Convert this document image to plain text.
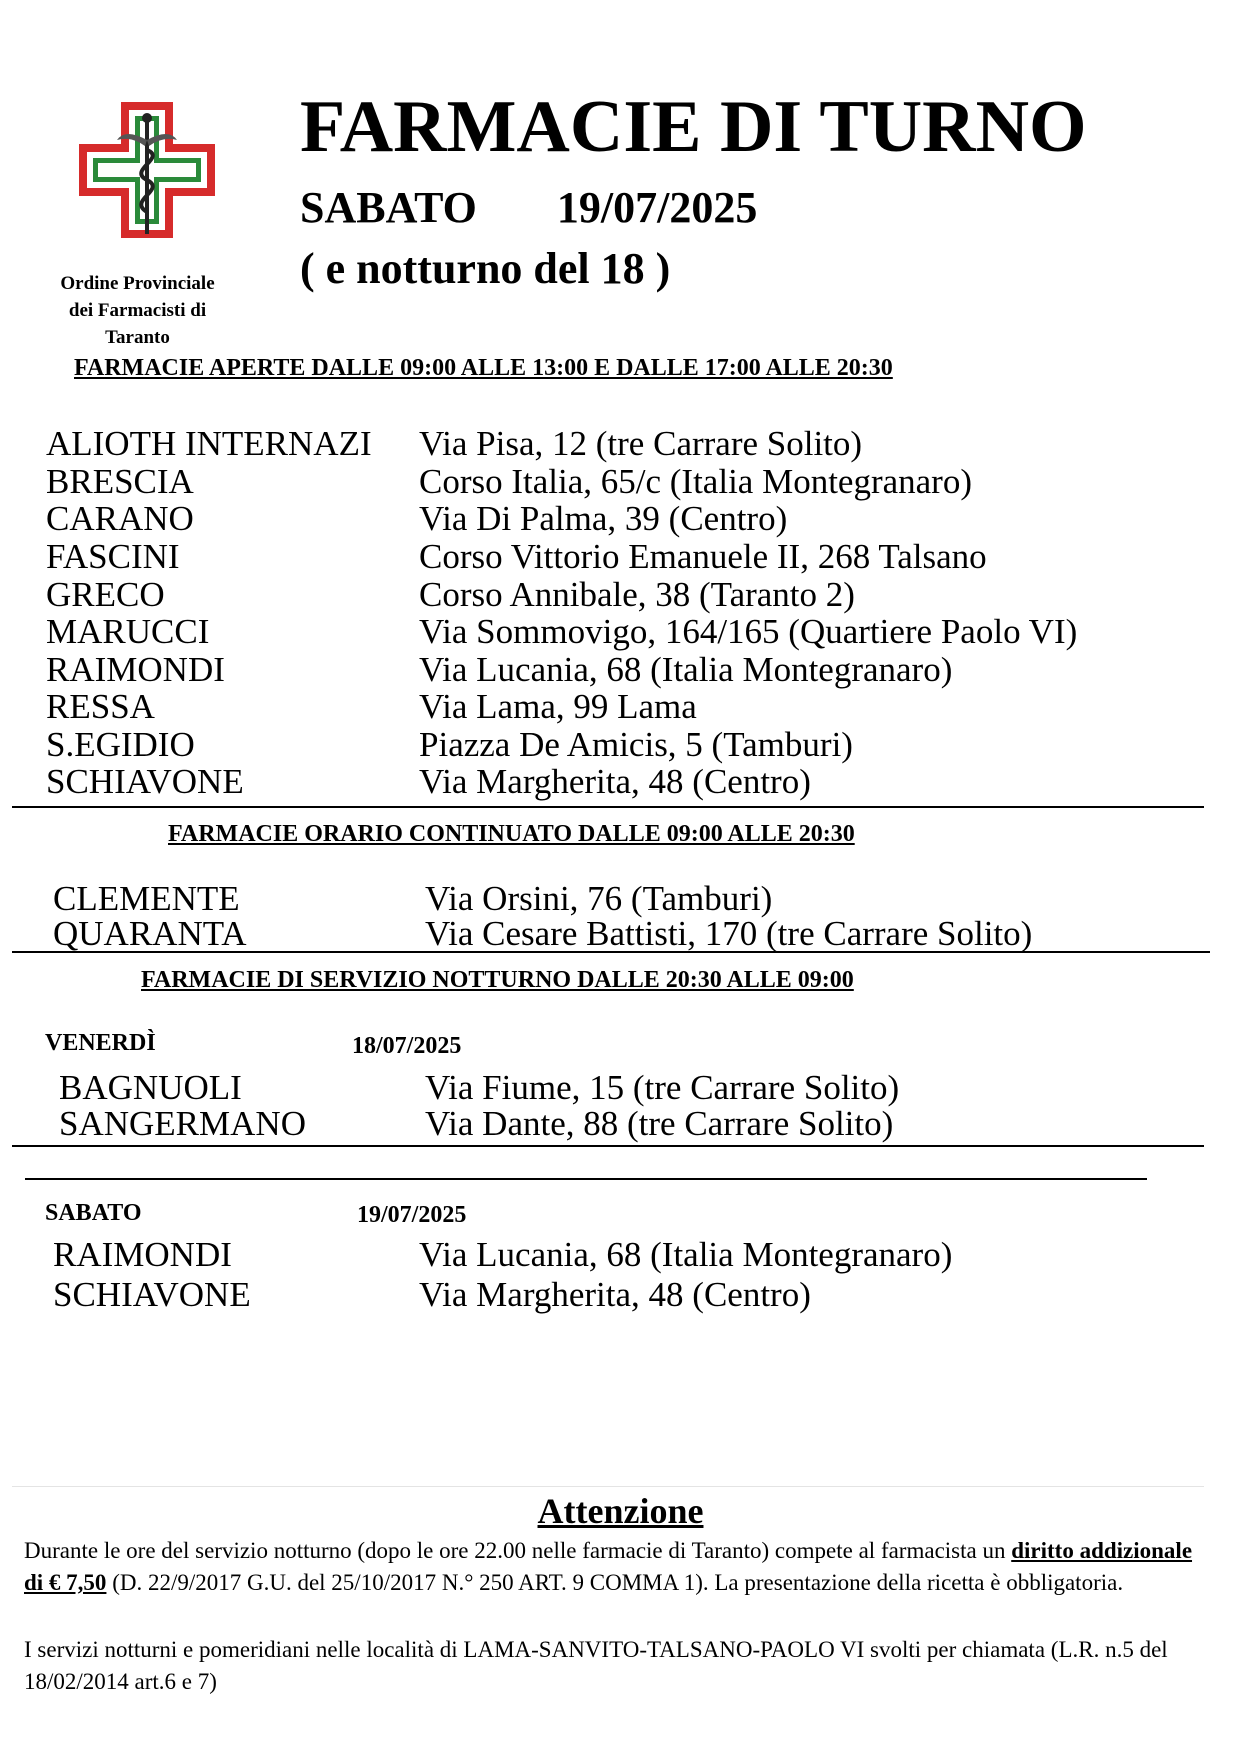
Ordine Provinciale
dei Farmacisti di
Taranto
FARMACIE DI TURNO
SABATO 19/07/2025
( e notturno del 18 )
FARMACIE APERTE DALLE 09:00 ALLE 13:00 E DALLE 17:00 ALLE 20:30
ALIOTH INTERNAZI Via Pisa, 12 (tre Carrare Solito)
BRESCIA	Corso Italia, 65/c (Italia Montegranaro)
CARANO	Via Di Palma, 39 (Centro)
FASCINI	Corso Vittorio Emanuele II, 268 Talsano
GRECO	Corso Annibale, 38 (Taranto 2)
MARUCCI	Via Sommovigo, 164/165 (Quartiere Paolo VI)
RAIMONDI	Via Lucania, 68 (Italia Montegranaro)
RESSA	Via Lama, 99 Lama
S.EGIDIO	Piazza De Amicis, 5 (Tamburi)
SCHIAVONE	Via Margherita, 48 (Centro)
FARMACIE ORARIO CONTINUATO DALLE 09:00 ALLE 20:30
CLEMENTE	Via Orsini, 76 (Tamburi)
QUARANTA	Via Cesare Battisti, 170 (tre Carrare Solito)
FARMACIE DI SERVIZIO NOTTURNO DALLE 20:30 ALLE 09:00
VENERDÌ	18/07/2025
BAGNUOLI	Via Fiume, 15 (tre Carrare Solito)
SANGERMANO	Via Dante, 88 (tre Carrare Solito)
SABATO	19/07/2025
RAIMONDI	Via Lucania, 68 (Italia Montegranaro)
SCHIAVONE	Via Margherita, 48 (Centro)
Attenzione
Durante le ore del servizio notturno (dopo le ore 22.00 nelle farmacie di Taranto) compete al farmacista un diritto addizionale di € 7,50 (D. 22/9/2017 G.U. del 25/10/2017 N.° 250 ART. 9 COMMA 1). La presentazione della ricetta è obbligatoria.
I servizi notturni e pomeridiani nelle località di LAMA-SANVITO-TALSANO-PAOLO VI svolti per chiamata (L.R. n.5 del 18/02/2014 art.6 e 7)
